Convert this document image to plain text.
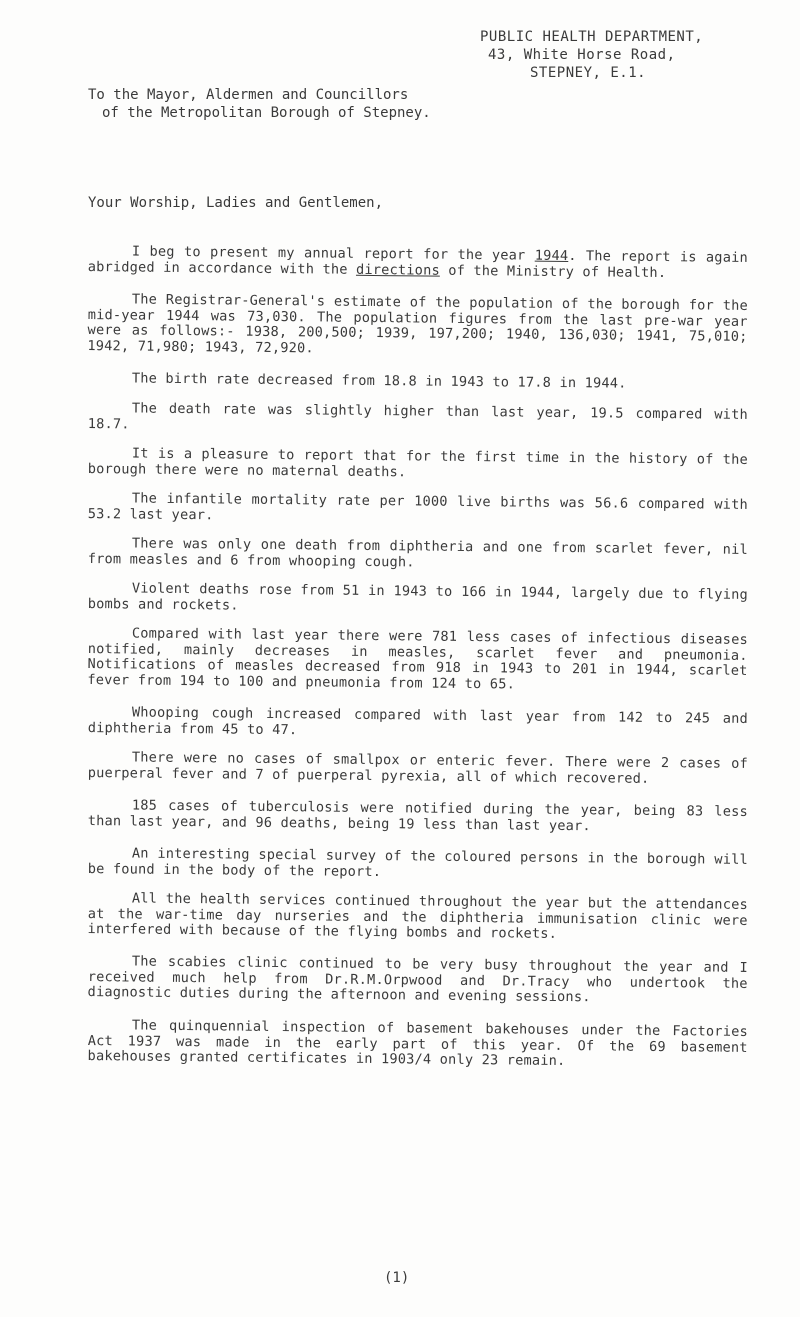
PUBLIC HEALTH DEPARTMENT,
43, White Horse Road,
STEPNEY, E.1.
To the Mayor, Aldermen and Councillors
of the Metropolitan Borough of Stepney.
Your Worship, Ladies and Gentlemen,

I beg to present my annual report for the year 1944. The report is again abridged in accordance with the directions of the Ministry of Health.

The Registrar-General's estimate of the population of the borough for the mid-year 1944 was 73,030. The population figures from the last pre-war year were as follows:- 1938, 200,500; 1939, 197,200; 1940, 136,030; 1941, 75,010; 1942, 71,980; 1943, 72,920.

The birth rate decreased from 18.8 in 1943 to 17.8 in 1944.

The death rate was slightly higher than last year, 19.5 compared with 18.7.

It is a pleasure to report that for the first time in the history of the borough there were no maternal deaths.

The infantile mortality rate per 1000 live births was 56.6 compared with 53.2 last year.

There was only one death from diphtheria and one from scarlet fever, nil from measles and 6 from whooping cough.

Violent deaths rose from 51 in 1943 to 166 in 1944, largely due to flying bombs and rockets.

Compared with last year there were 781 less cases of infectious diseases notified, mainly decreases in measles, scarlet fever and pneumonia. Notifications of measles decreased from 918 in 1943 to 201 in 1944, scarlet fever from 194 to 100 and pneumonia from 124 to 65.

Whooping cough increased compared with last year from 142 to 245 and diphtheria from 45 to 47.

There were no cases of smallpox or enteric fever. There were 2 cases of puerperal fever and 7 of puerperal pyrexia, all of which recovered.

185 cases of tuberculosis were notified during the year, being 83 less than last year, and 96 deaths, being 19 less than last year.

An interesting special survey of the coloured persons in the borough will be found in the body of the report.

All the health services continued throughout the year but the attendances at the war-time day nurseries and the diphtheria immunisation clinic were interfered with because of the flying bombs and rockets.

The scabies clinic continued to be very busy throughout the year and I received much help from Dr.R.M.Orpwood and Dr.Tracy who undertook the diagnostic duties during the afternoon and evening sessions.

The quinquennial inspection of basement bakehouses under the Factories Act 1937 was made in the early part of this year. Of the 69 basement bakehouses granted certificates in 1903/4 only 23 remain.

(1)
